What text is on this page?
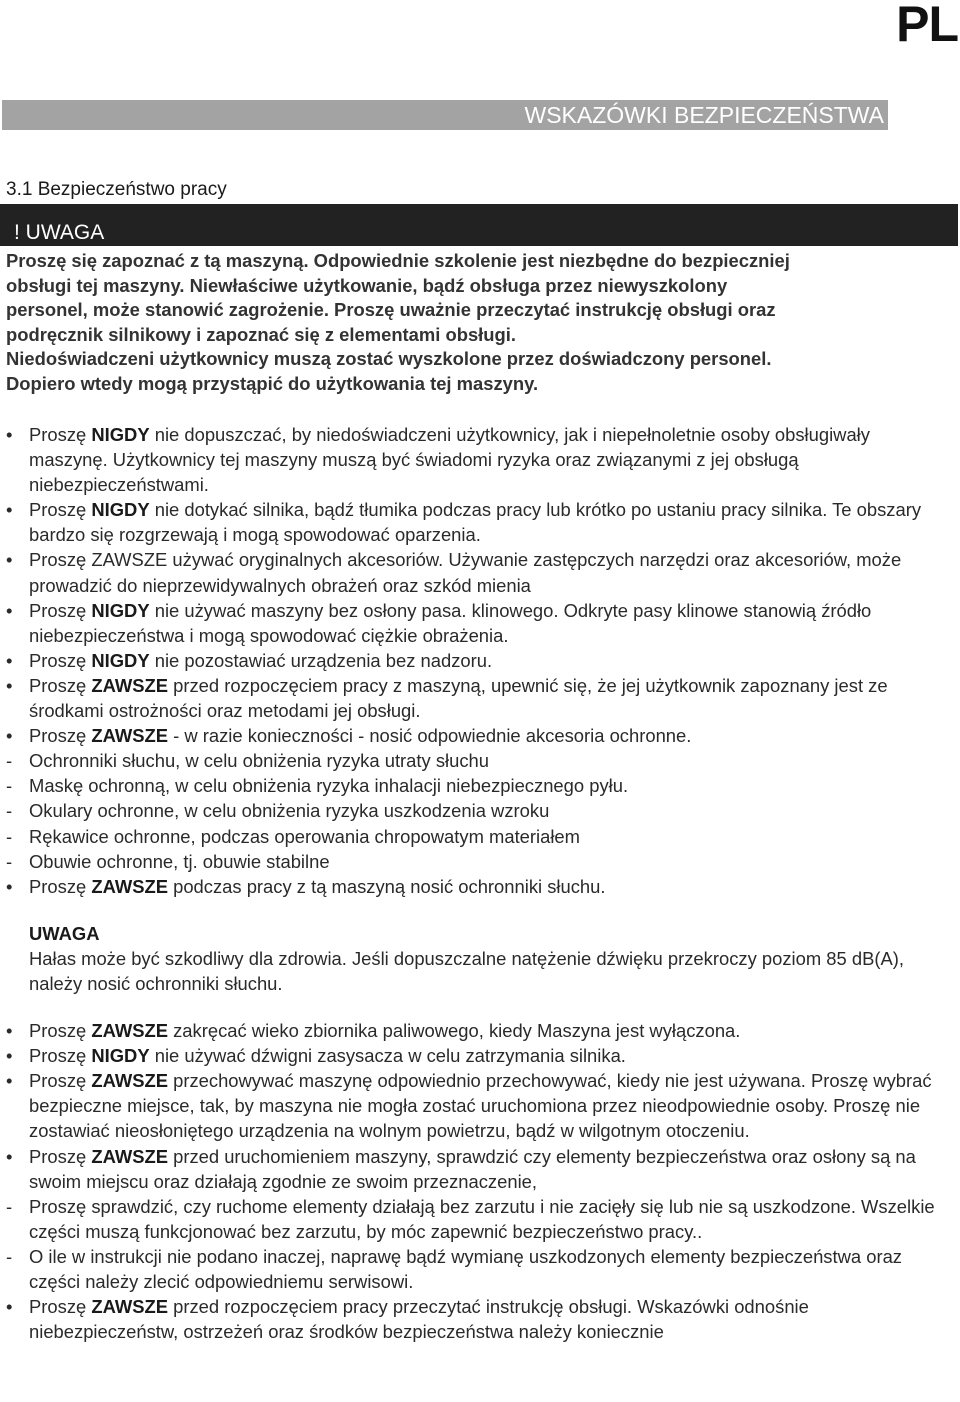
PL
WSKAZÓWKI BEZPIECZEŃSTWA
3.1 Bezpieczeństwo pracy
! UWAGA

Proszę się zapoznać z tą maszyną. Odpowiednie szkolenie jest niezbędne do bezpieczniej

obsługi tej maszyny. Niewłaściwe użytkowanie, bądź obsługa przez niewyszkolony

personel, może stanowić zagrożenie. Proszę uważnie przeczytać instrukcję obsługi oraz

podręcznik silnikowy i zapoznać się z elementami obsługi.

Niedoświadczeni użytkownicy muszą zostać wyszkolone przez doświadczony personel.

Dopiero wtedy mogą przystąpić do użytkowania tej maszyny.

• Proszę NIGDY nie dopuszczać, by niedoświadczeni użytkownicy, jak i niepełnoletnie osoby obsługiwały maszynę. Użytkownicy tej maszyny muszą być świadomi ryzyka oraz związanymi z jej obsługą niebezpieczeństwami.
• Proszę NIGDY nie dotykać silnika, bądź tłumika podczas pracy lub krótko po ustaniu pracy silnika. Te obszary bardzo się rozgrzewają i mogą spowodować oparzenia.
• Proszę ZAWSZE używać oryginalnych akcesoriów. Używanie zastępczych narzędzi oraz akcesoriów, może prowadzić do nieprzewidywalnych obrażeń oraz szkód mienia
• Proszę NIGDY nie używać maszyny bez osłony pasa. klinowego. Odkryte pasy klinowe stanowią źródło niebezpieczeństwa i mogą spowodować ciężkie obrażenia.
• Proszę NIGDY nie pozostawiać urządzenia bez nadzoru.
• Proszę ZAWSZE przed rozpoczęciem pracy z maszyną, upewnić się, że jej użytkownik zapoznany jest ze środkami ostrożności oraz metodami jej obsługi.
• Proszę ZAWSZE - w razie konieczności - nosić odpowiednie akcesoria ochronne.
- Ochronniki słuchu, w celu obniżenia ryzyka utraty słuchu
- Maskę ochronną, w celu obniżenia ryzyka inhalacji niebezpiecznego pyłu.
- Okulary ochronne, w celu obniżenia ryzyka uszkodzenia wzroku
- Rękawice ochronne, podczas operowania chropowatym materiałem
- Obuwie ochronne, tj. obuwie stabilne
• Proszę ZAWSZE podczas pracy z tą maszyną nosić ochronniki słuchu.
UWAGA
Hałas może być szkodliwy dla zdrowia. Jeśli dopuszczalne natężenie dźwięku przekroczy poziom 85 dB(A), należy nosić ochronniki słuchu.
• Proszę ZAWSZE zakręcać wieko zbiornika paliwowego, kiedy Maszyna jest wyłączona.
• Proszę NIGDY nie używać dźwigni zasysacza w celu zatrzymania silnika.
• Proszę ZAWSZE przechowywać maszynę odpowiednio przechowywać, kiedy nie jest używana. Proszę wybrać bezpieczne miejsce, tak, by maszyna nie mogła zostać uruchomiona przez nieodpowiednie osoby. Proszę nie zostawiać nieosłoniętego urządzenia na wolnym powietrzu, bądź w wilgotnym otoczeniu.
• Proszę ZAWSZE przed uruchomieniem maszyny, sprawdzić czy elementy bezpieczeństwa oraz osłony są na swoim miejscu oraz działają zgodnie ze swoim przeznaczenie,
- Proszę sprawdzić, czy ruchome elementy działają bez zarzutu i nie zacięły się lub nie są uszkodzone. Wszelkie części muszą funkcjonować bez zarzutu, by móc zapewnić bezpieczeństwo pracy..
- O ile w instrukcji nie podano inaczej, naprawę bądź wymianę uszkodzonych elementy bezpieczeństwa oraz części należy zlecić odpowiedniemu serwisowi.
• Proszę ZAWSZE przed rozpoczęciem pracy przeczytać instrukcję obsługi. Wskazówki odnośnie niebezpieczeństw, ostrzeżeń oraz środków bezpieczeństwa należy koniecznie
